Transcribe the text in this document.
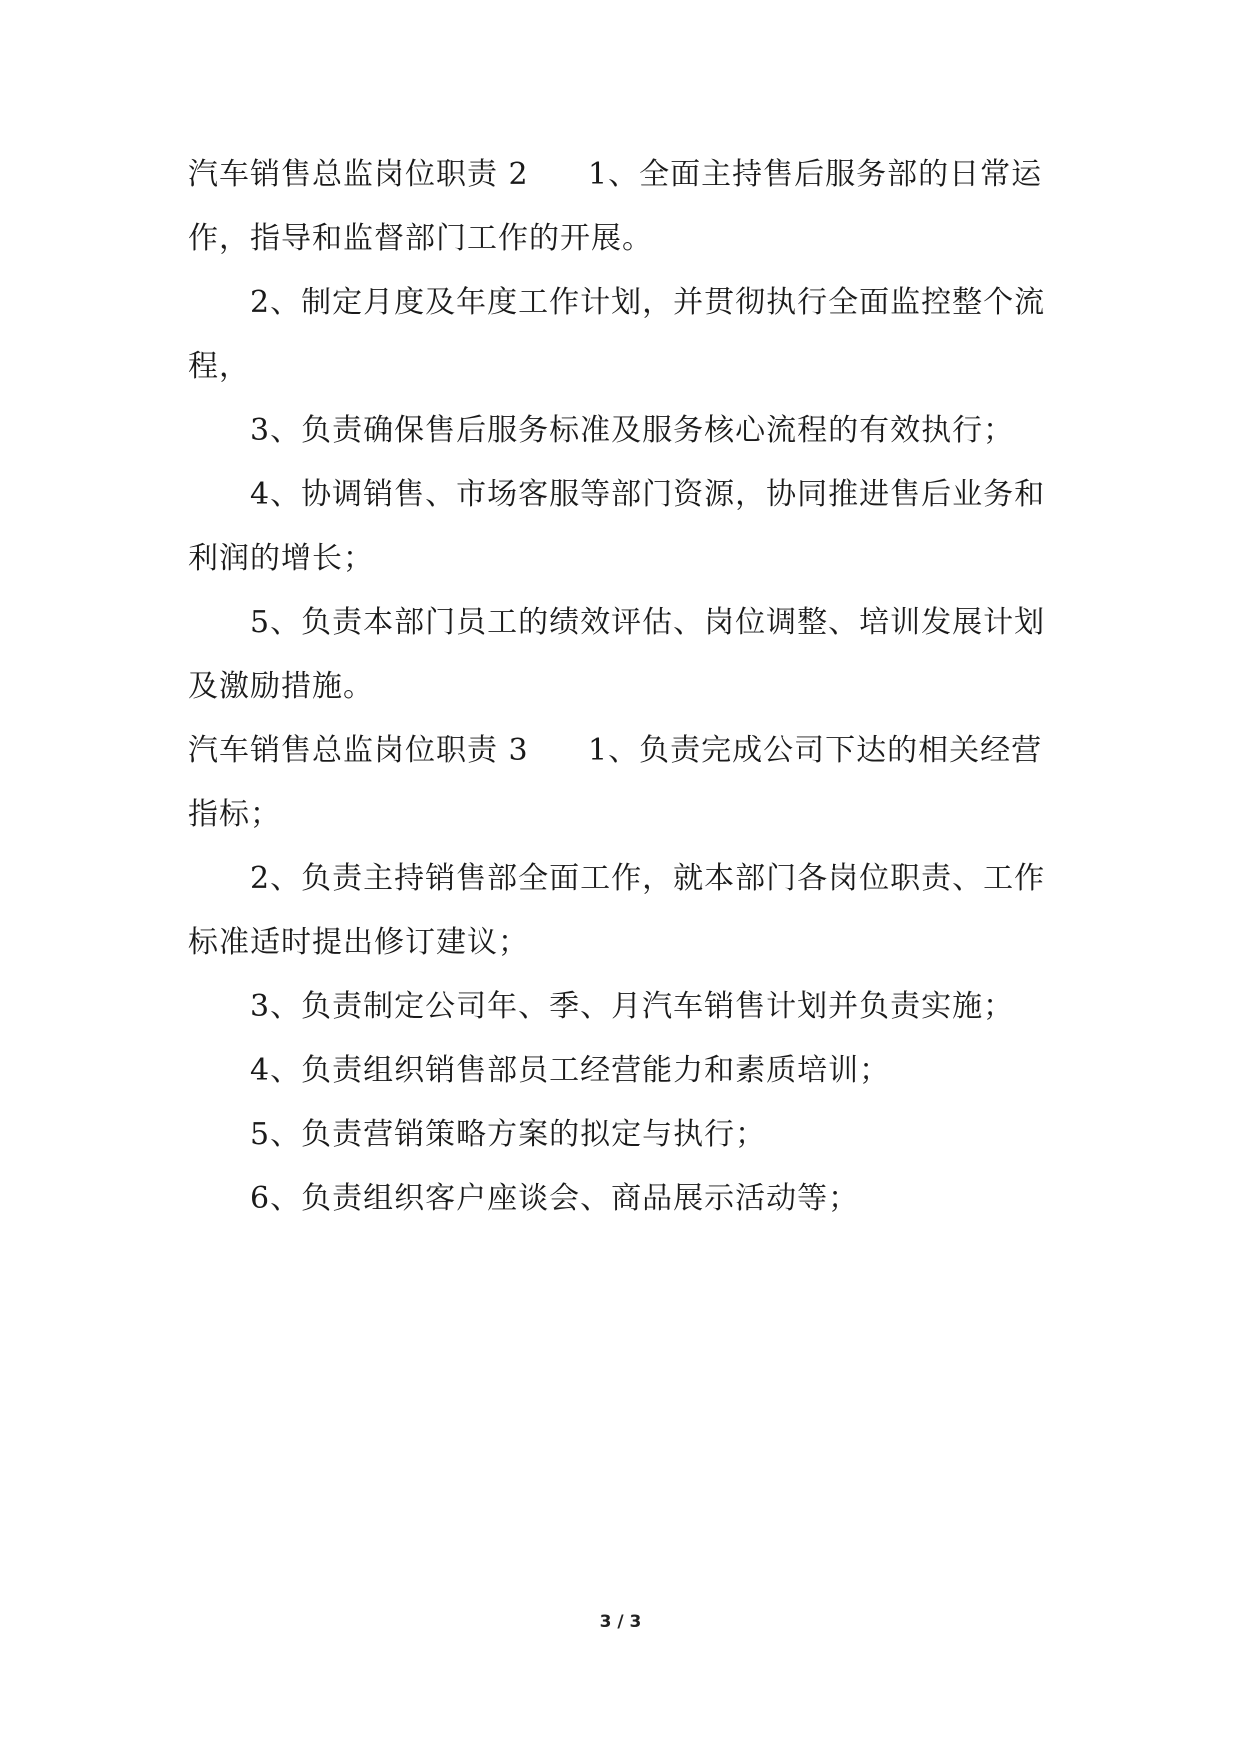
汽车销售总监岗位职责 2 1、全面主持售后服务部的日常运
作，指导和监督部门工作的开展。
2、制定月度及年度工作计划，并贯彻执行全面监控整个流
程，
3、负责确保售后服务标准及服务核心流程的有效执行；
4、协调销售、市场客服等部门资源，协同推进售后业务和
利润的增长；
5、负责本部门员工的绩效评估、岗位调整、培训发展计划
及激励措施。
汽车销售总监岗位职责 3 1、负责完成公司下达的相关经营
指标；
2、负责主持销售部全面工作，就本部门各岗位职责、工作
标准适时提出修订建议；
3、负责制定公司年、季、月汽车销售计划并负责实施；
4、负责组织销售部员工经营能力和素质培训；
5、负责营销策略方案的拟定与执行；
6、负责组织客户座谈会、商品展示活动等；
3 / 3
